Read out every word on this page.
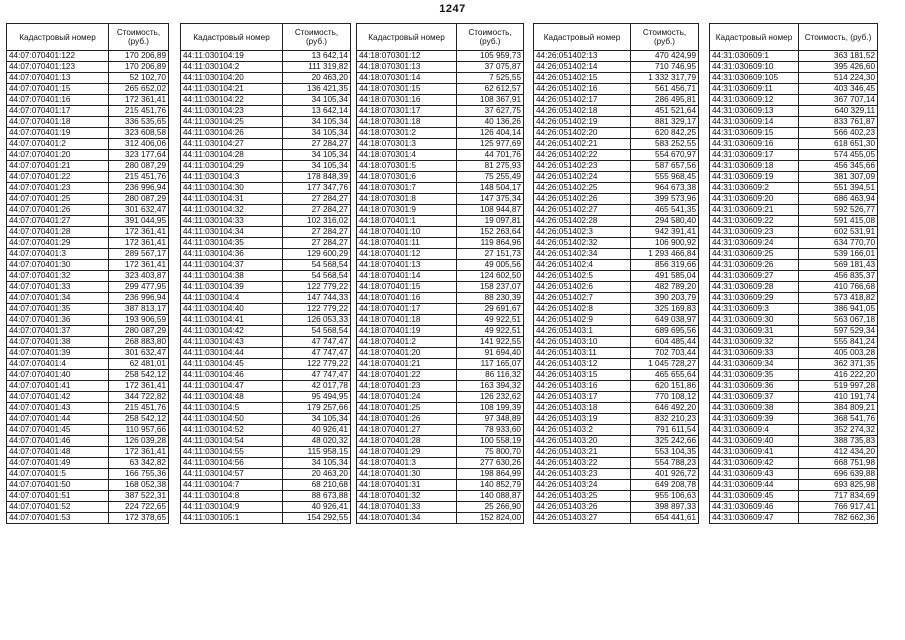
1247
Кадастровый номер	Стоимость, (руб.)
44:07:070401:122	170 206,89
44:07:070401:123	170 206,89
44:07:070401:13	52 102,70
44:07:070401:15	265 652,02
44:07:070401:16	172 361,41
44:07:070401:17	215 451,76
44:07:070401:18	336 535,65
44:07:070401:19	323 608,58
44:07:070401:2	312 406,06
44:07:070401:20	323 177,64
44:07:070401:21	280 087,29
44:07:070401:22	215 451,76
44:07:070401:23	236 996,94
44:07:070401:25	280 087,29
44:07:070401:26	301 632,47
44:07:070401:27	391 044,95
44:07:070401:28	172 361,41
44:07:070401:29	172 361,41
44:07:070401:3	289 567,17
44:07:070401:30	172 361,41
44:07:070401:32	323 403,87
44:07:070401:33	299 477,95
44:07:070401:34	236 996,94
44:07:070401:35	387 813,17
44:07:070401:36	193 906,59
44:07:070401:37	280 087,29
44:07:070401:38	268 883,80
44:07:070401:39	301 632,47
44:07:070401:4	62 481,01
44:07:070401:40	258 542,12
44:07:070401:41	172 361,41
44:07:070401:42	344 722,82
44:07:070401:43	215 451,76
44:07:070401:44	258 542,12
44:07:070401:45	110 957,66
44:07:070401:46	126 039,28
44:07:070401:48	172 361,41
44:07:070401:49	63 342,82
44:07:070401:5	166 755,36
44:07:070401:50	168 052,38
44:07:070401:51	387 522,31
44:07:070401:52	224 722,65
44:07:070401:53	172 378,65
Кадастровый номер	Стоимость, (руб.)
44:11:030104:19	13 642,14
44:11:030104:2	111 319,82
44:11:030104:20	20 463,20
44:11:030104:21	136 421,35
44:11:030104:22	34 105,34
44:11:030104:23	13 642,14
44:11:030104:25	34 105,34
44:11:030104:26	34 105,34
44:11:030104:27	27 284,27
44:11:030104:28	34 105,34
44:11:030104:29	34 105,34
44:11:030104:3	178 848,39
44:11:030104:30	177 347,76
44:11:030104:31	27 284,27
44:11:030104:32	27 284,27
44:11:030104:33	102 316,02
44:11:030104:34	27 284,27
44:11:030104:35	27 284,27
44:11:030104:36	129 600,29
44:11:030104:37	54 568,54
44:11:030104:38	54 568,54
44:11:030104:39	122 779,22
44:11:030104:4	147 744,33
44:11:030104:40	122 779,22
44:11:030104:41	126 053,33
44:11:030104:42	54 568,54
44:11:030104:43	47 747,47
44:11:030104:44	47 747,47
44:11:030104:45	122 779,22
44:11:030104:46	47 747,47
44:11:030104:47	42 017,78
44:11:030104:48	95 494,95
44:11:030104:5	179 257,66
44:11:030104:50	34 105,34
44:11:030104:52	40 926,41
44:11:030104:54	48 020,32
44:11:030104:55	115 958,15
44:11:030104:56	34 105,34
44:11:030104:57	20 463,20
44:11:030104:7	68 210,68
44:11:030104:8	88 673,88
44:11:030104:9	40 926,41
44:11:030105:1	154 292,55
Кадастровый номер	Стоимость, (руб.)
44:18:070301:12	105 959,73
44:18:070301:13	37 075,87
44:18:070301:14	7 525,55
44:18:070301:15	62 612,57
44:18:070301:16	108 367,91
44:18:070301:17	37 627,75
44:18:070301:18	40 136,26
44:18:070301:2	126 404,14
44:18:070301:3	125 977,69
44:18:070301:4	44 701,76
44:18:070301:5	81 275,93
44:18:070301:6	75 255,49
44:18:070301:7	148 504,17
44:18:070301:8	147 375,34
44:18:070301:9	108 944,87
44:18:070401:1	19 097,81
44:18:070401:10	152 263,64
44:18:070401:11	119 864,96
44:18:070401:12	27 151,73
44:18:070401:13	49 005,56
44:18:070401:14	124 602,50
44:18:070401:15	158 237,07
44:18:070401:16	88 230,39
44:18:070401:17	29 691,67
44:18:070401:18	49 922,51
44:18:070401:19	49 922,51
44:18:070401:2	141 922,55
44:18:070401:20	91 694,40
44:18:070401:21	117 165,07
44:18:070401:22	86 116,32
44:18:070401:23	163 394,32
44:18:070401:24	126 232,62
44:18:070401:25	108 199,39
44:18:070401:26	97 348,89
44:18:070401:27	78 933,60
44:18:070401:28	100 558,19
44:18:070401:29	75 800,70
44:18:070401:3	277 630,26
44:18:070401:30	198 864,99
44:18:070401:31	140 852,79
44:18:070401:32	140 088,87
44:18:070401:33	25 266,90
44:18:070401:34	152 824,00
Кадастровый номер	Стоимость, (руб.)
44:26:051402:13	470 424,99
44:26:051402:14	710 746,95
44:26:051402:15	1 332 317,79
44:26:051402:16	561 456,71
44:26:051402:17	286 495,81
44:26:051402:18	451 521,64
44:26:051402:19	881 329,17
44:26:051402:20	620 842,25
44:26:051402:21	583 252,55
44:26:051402:22	554 670,97
44:26:051402:23	587 657,56
44:26:051402:24	555 968,45
44:26:051402:25	964 673,38
44:26:051402:26	399 573,96
44:26:051402:27	465 541,35
44:26:051402:28	294 580,40
44:26:051402:3	942 391,41
44:26:051402:32	106 900,92
44:26:051402:34	1 293 466,84
44:26:051402:4	856 319,66
44:26:051402:5	491 585,04
44:26:051402:6	482 789,20
44:26:051402:7	390 203,79
44:26:051402:8	325 169,83
44:26:051402:9	649 038,97
44:26:051403:1	689 695,56
44:26:051403:10	604 485,44
44:26:051403:11	702 703,44
44:26:051403:12	1 045 728,27
44:26:051403:15	465 655,64
44:26:051403:16	620 151,86
44:26:051403:17	770 108,12
44:26:051403:18	646 492,20
44:26:051403:19	832 210,23
44:26:051403:2	791 611,54
44:26:051403:20	325 242,66
44:26:051403:21	553 104,35
44:26:051403:22	554 788,23
44:26:051403:23	401 926,72
44:26:051403:24	649 208,78
44:26:051403:25	955 106,63
44:26:051403:26	398 897,33
44:26:051403:27	654 441,61
Кадастровый номер	Стоимость, (руб.)
44:31:030609:1	363 181,52
44:31:030609:10	395 426,60
44:31:030609:105	514 224,30
44:31:030609:11	403 346,45
44:31:030609:12	367 707,14
44:31:030609:13	640 329,11
44:31:030609:14	833 761,87
44:31:030609:15	566 402,23
44:31:030609:16	618 651,30
44:31:030609:17	574 455,05
44:31:030609:18	456 345,66
44:31:030609:19	381 307,09
44:31:030609:2	551 394,51
44:31:030609:20	686 463,94
44:31:030609:21	592 526,77
44:31:030609:22	591 415,08
44:31:030609:23	602 531,91
44:31:030609:24	634 770,70
44:31:030609:25	539 166,01
44:31:030609:26	569 181,43
44:31:030609:27	456 835,37
44:31:030609:28	410 766,68
44:31:030609:29	573 418,82
44:31:030609:3	386 941,05
44:31:030609:30	563 067,18
44:31:030609:31	597 529,34
44:31:030609:32	555 841,24
44:31:030609:33	405 003,28
44:31:030609:34	362 371,35
44:31:030609:35	416 222,20
44:31:030609:36	519 997,28
44:31:030609:37	410 191,74
44:31:030609:38	384 809,21
44:31:030609:39	368 541,76
44:31:030609:4	352 274,32
44:31:030609:40	388 735,83
44:31:030609:41	412 434,20
44:31:030609:42	668 751,98
44:31:030609:43	696 639,88
44:31:030609:44	693 825,98
44:31:030609:45	717 834,69
44:31:030609:46	766 917,41
44:31:030609:47	782 662,36
